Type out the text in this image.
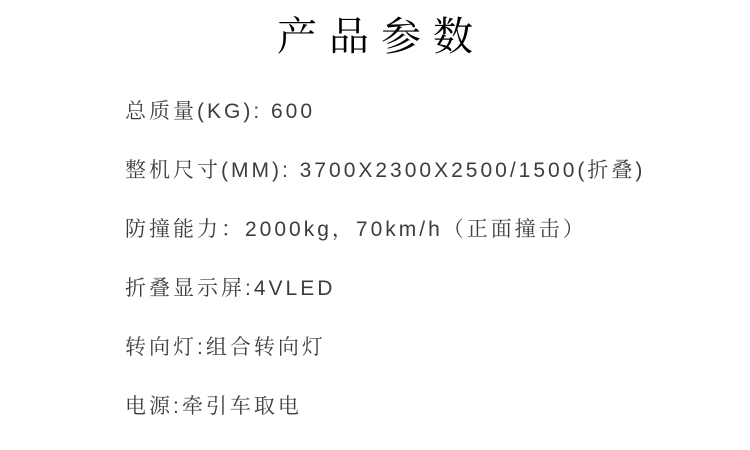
产品参数
总质量(KG): 600
整机尺寸(MM): 3700X2300X2500/1500(折叠)
防撞能力：2000kg，70km/h（正面撞击）
折叠显示屏:4VLED
转向灯:组合转向灯
电源:牵引车取电
